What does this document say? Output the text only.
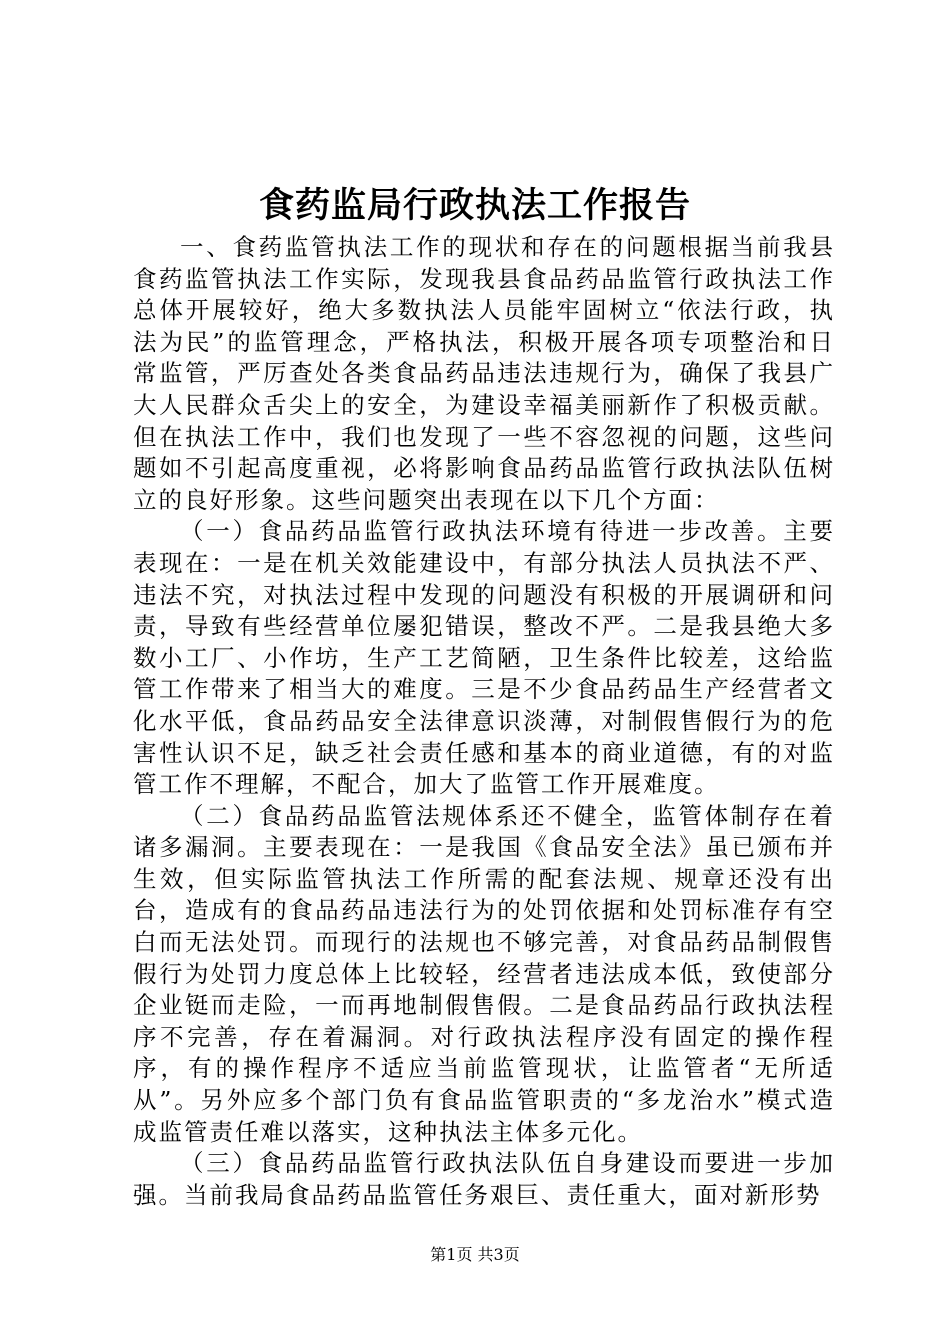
食药监局行政执法工作报告

一、食药监管执法工作的现状和存在的问题根据当前我县食药监管执法工作实际，发现我县食品药品监管行政执法工作总体开展较好，绝大多数执法人员能牢固树立“依法行政，执法为民”的监管理念，严格执法，积极开展各项专项整治和日常监管，严厉查处各类食品药品违法违规行为，确保了我县广大人民群众舌尖上的安全，为建设幸福美丽新作了积极贡献。但在执法工作中，我们也发现了一些不容忽视的问题，这些问题如不引起高度重视，必将影响食品药品监管行政执法队伍树立的良好形象。这些问题突出表现在以下几个方面：

（一）食品药品监管行政执法环境有待进一步改善。主要表现在：一是在机关效能建设中，有部分执法人员执法不严、违法不究，对执法过程中发现的问题没有积极的开展调研和问责，导致有些经营单位屡犯错误，整改不严。二是我县绝大多数小工厂、小作坊，生产工艺简陋，卫生条件比较差，这给监管工作带来了相当大的难度。三是不少食品药品生产经营者文化水平低，食品药品安全法律意识淡薄，对制假售假行为的危害性认识不足，缺乏社会责任感和基本的商业道德，有的对监管工作不理解，不配合，加大了监管工作开展难度。

（二）食品药品监管法规体系还不健全，监管体制存在着诸多漏洞。主要表现在：一是我国《食品安全法》虽已颁布并生效，但实际监管执法工作所需的配套法规、规章还没有出台，造成有的食品药品违法行为的处罚依据和处罚标准存有空白而无法处罚。而现行的法规也不够完善，对食品药品制假售假行为处罚力度总体上比较轻，经营者违法成本低，致使部分企业铤而走险，一而再地制假售假。二是食品药品行政执法程序不完善，存在着漏洞。对行政执法程序没有固定的操作程序，有的操作程序不适应当前监管现状，让监管者“无所适从”。另外应多个部门负有食品监管职责的“多龙治水”模式造成监管责任难以落实，这种执法主体多元化。

（三）食品药品监管行政执法队伍自身建设而要进一步加强。当前我局食品药品监管任务艰巨、责任重大，面对新形势

第1页 共3页
